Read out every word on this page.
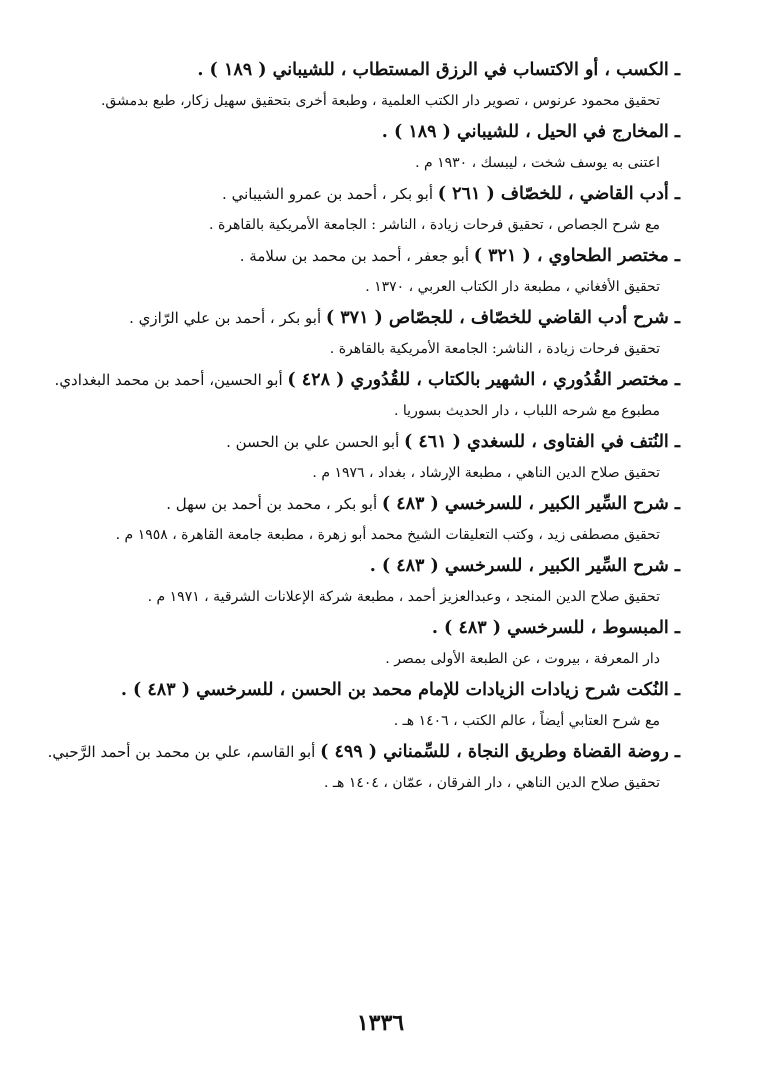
ـ الكسب ، أو الاكتساب في الرزق المستطاب ، للشيباني ( ١٨٩ ) .
تحقيق محمود عرنوس ، تصوير دار الكتب العلمية ، وطبعة أخرى بتحقيق سهيل زكار، طبع بدمشق.
ـ المخارج في الحيل ، للشيباني ( ١٨٩ ) .
اعتنى به يوسف شخت ، ليبسك ، ١٩٣٠ م .
ـ أدب القاضي ، للخصّاف ( ٢٦١ ) أبو بكر ، أحمد بن عمرو الشيباني .
مع شرح الجصاص ، تحقيق فرحات زيادة ، الناشر : الجامعة الأمريكية بالقاهرة .
ـ مختصر الطحاوي ، ( ٣٢١ ) أبو جعفر ، أحمد بن محمد بن سلامة .
تحقيق الأفغاني ، مطبعة دار الكتاب العربي ، ١٣٧٠ .
ـ شرح أدب القاضي للخصّاف ، للجصّاص ( ٣٧١ ) أبو بكر ، أحمد بن علي الرّازي .
تحقيق فرحات زيادة ، الناشر: الجامعة الأمريكية بالقاهرة .
ـ مختصر القُدُوري ، الشهير بالكتاب ، للقُدُوري ( ٤٢٨ ) أبو الحسين، أحمد بن محمد البغدادي.
مطبوع مع شرحه اللباب ، دار الحديث بسوريا .
ـ النُتف في الفتاوى ، للسغدي ( ٤٦١ ) أبو الحسن علي بن الحسن .
تحقيق صلاح الدين الناهي ، مطبعة الإرشاد ، بغداد ، ١٩٧٦ م .
ـ شرح السِّير الكبير ، للسرخسي ( ٤٨٣ ) أبو بكر ، محمد بن أحمد بن سهل .
تحقيق مصطفى زيد ، وكتب التعليقات الشيخ محمد أبو زهرة ، مطبعة جامعة القاهرة ، ١٩٥٨ م .
ـ شرح السِّير الكبير ، للسرخسي ( ٤٨٣ ) .
تحقيق صلاح الدين المنجد ، وعبدالعزيز أحمد ، مطبعة شركة الإعلانات الشرقية ، ١٩٧١ م .
ـ المبسوط ، للسرخسي ( ٤٨٣ ) .
دار المعرفة ، بيروت ، عن الطبعة الأولى بمصر .
ـ النُكت شرح زيادات الزيادات للإمام محمد بن الحسن ، للسرخسي ( ٤٨٣ ) .
مع شرح العتابي أيضاً ، عالم الكتب ، ١٤٠٦ هـ .
ـ روضة القضاة وطريق النجاة ، للسِّمناني ( ٤٩٩ ) أبو القاسم، علي بن محمد بن أحمد الرَّحبي.
تحقيق صلاح الدين الناهي ، دار الفرقان ، عمّان ، ١٤٠٤ هـ .
١٣٣٦
